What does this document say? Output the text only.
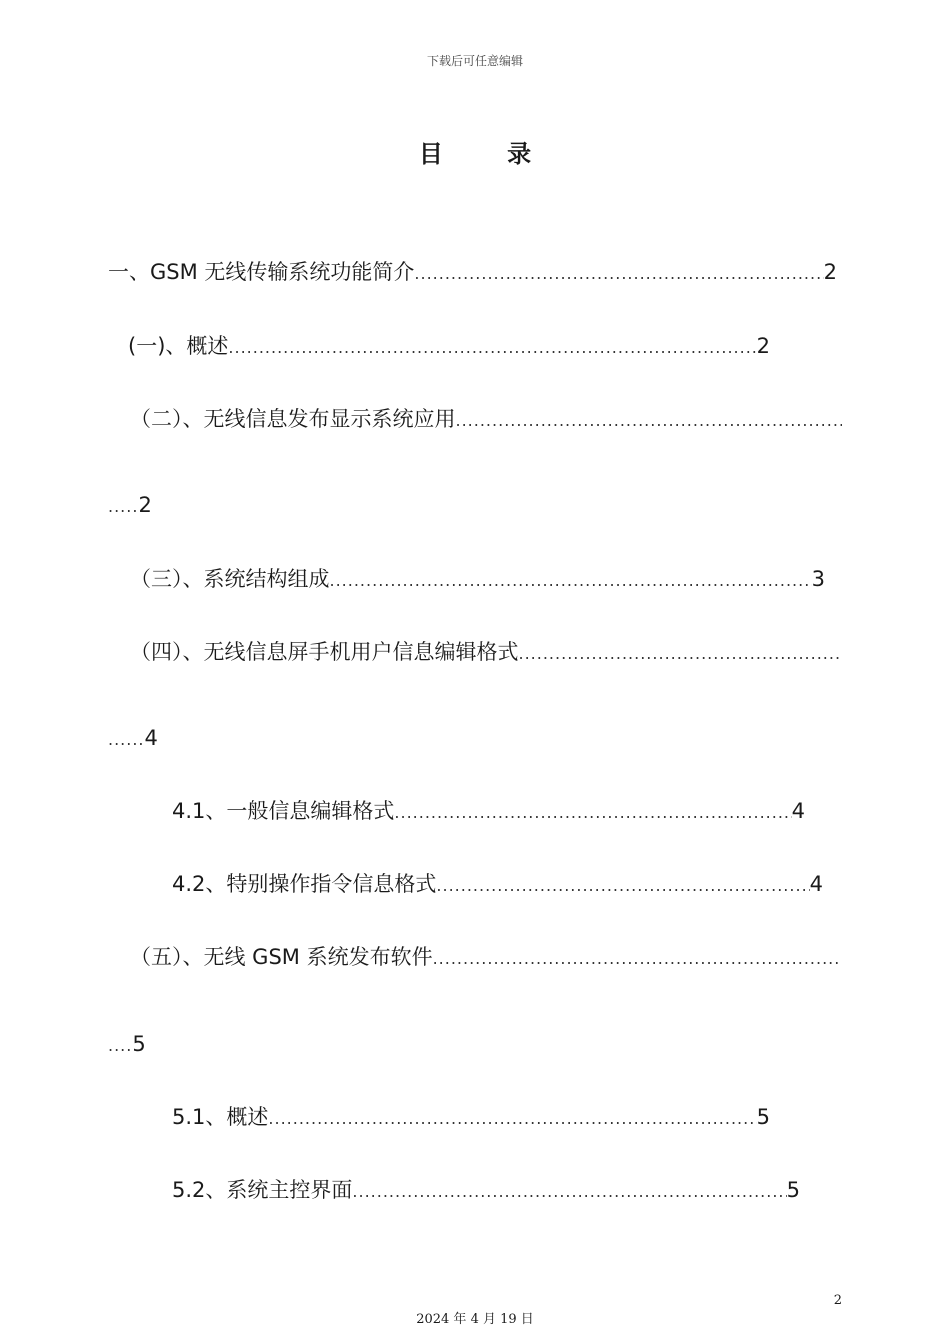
下载后可任意编辑
目 录
一、GSM 无线传输系统功能简介 .....	2
(一)、概述 .....	2
（二）、无线信息发布显示系统应用
.....
.....2
（三）、系统结构组成 .....	3
（四）、无线信息屏手机用户信息编辑格式
.....
......4
4.1、一般信息编辑格式 .....	4
4.2、特别操作指令信息格式 .....	4
（五）、无线 GSM 系统发布软件
.....
....5
5.1、概述 .....	5
5.2、系统主控界面 .....	5
2
2024 年 4 月 19 日
